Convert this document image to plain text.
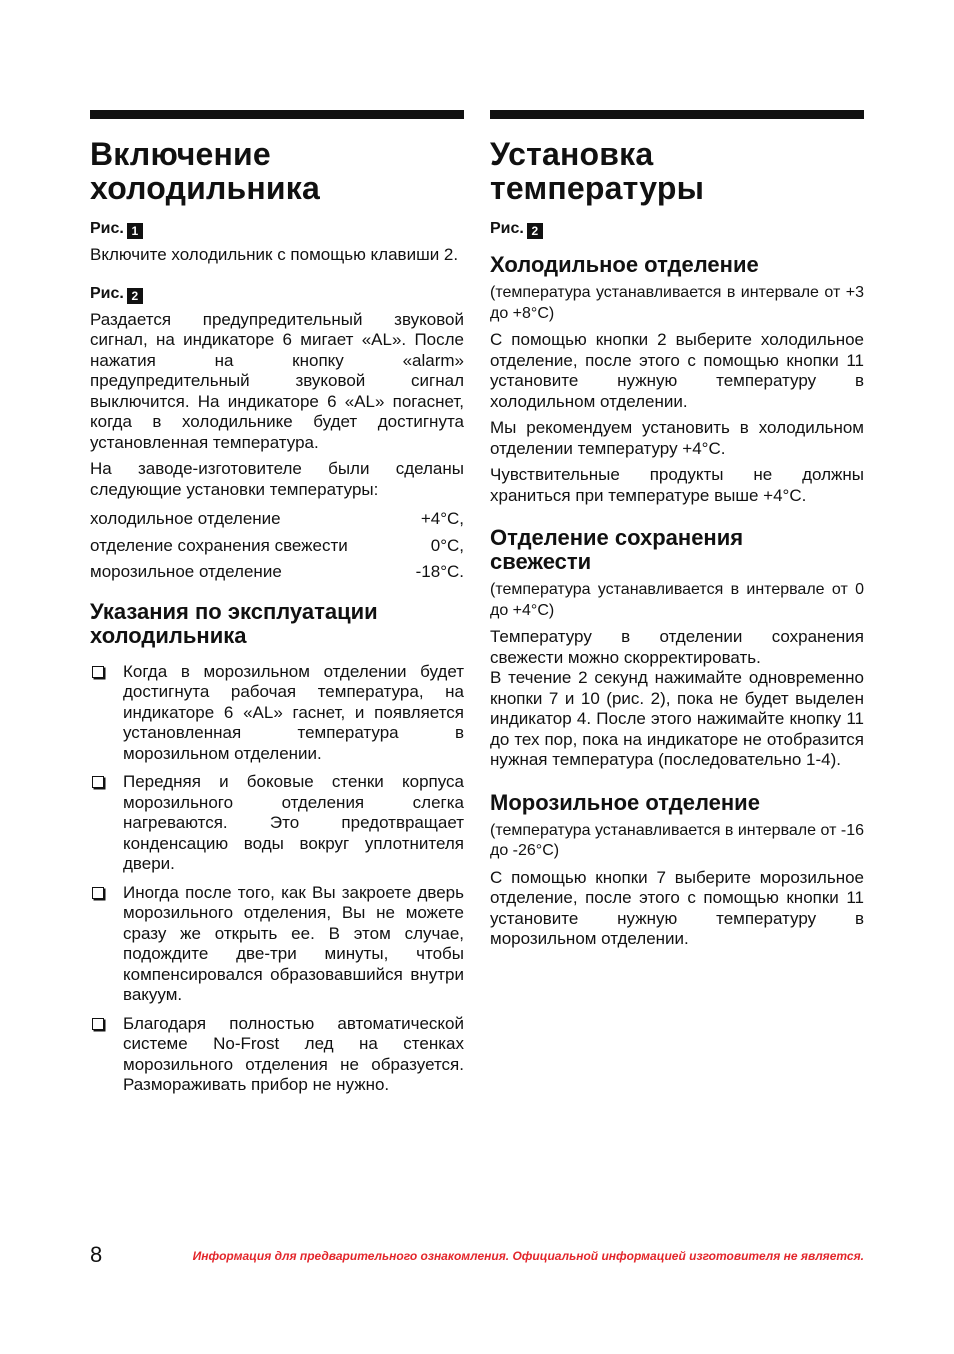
Включение
холодильника
Рис. 1

Включите холодильник с помощью клавиши 2.

Рис. 2

Раздается предупредительный звуковой сигнал, на индикаторе 6 мигает «AL». После нажатия на кнопку «alarm» предупредительный звуковой сигнал выключится. На индикаторе 6 «AL» погаснет, когда в холодильнике будет достигнута установленная температура.

На заводе-изготовителе были сделаны следующие установки температуры:

холодильное отделение	+4°C,
отделение сохранения свежести	0°C,
морозильное отделение	-18°C.
Указания по эксплуатации
холодильника
Когда в морозильном отделении будет достигнута рабочая температура, на индикаторе 6 «AL» гаснет, и появляется установленная температура в морозильном отделении.
Передняя и боковые стенки корпуса морозильного отделения слегка нагреваются. Это предотвращает конденсацию воды вокруг уплотнителя двери.
Иногда после того, как Вы закроете дверь морозильного отделения, Вы не можете сразу же открыть ее. В этом случае, подождите две-три минуты, чтобы компенсировался образовавшийся внутри вакуум.
Благодаря полностью автоматической системе No-Frost лед на стенках морозильного отделения не образуется. Размораживать прибор не нужно.
Установка
температуры
Рис. 2
Холодильное отделение

(температура устанавливается в интервале от +3 до +8°C)

С помощью кнопки 2 выберите холодильное отделение, после этого с помощью кнопки 11 установите нужную температуру в холодильном отделении.

Мы рекомендуем установить в холодильном отделении температуру +4°C.

Чувствительные продукты не должны храниться при температуре выше +4°C.

Отделение сохранения
свежести

(температура устанавливается в интервале от 0 до +4°C)

Температуру в отделении сохранения свежести можно скорректировать.

В течение 2 секунд нажимайте одновременно кнопки 7 и 10 (рис. 2), пока не будет выделен индикатор 4. После этого нажимайте кнопку 11 до тех пор, пока на индикаторе не отобразится нужная температура (последовательно 1-4).

Морозильное отделение

(температура устанавливается в интервале от -16 до -26°C)

С помощью кнопки 7 выберите морозильное отделение, после этого с помощью кнопки 11 установите нужную температуру в морозильном отделении.

8	Информация для предварительного ознакомления. Официальной информацией изготовителя не является.
